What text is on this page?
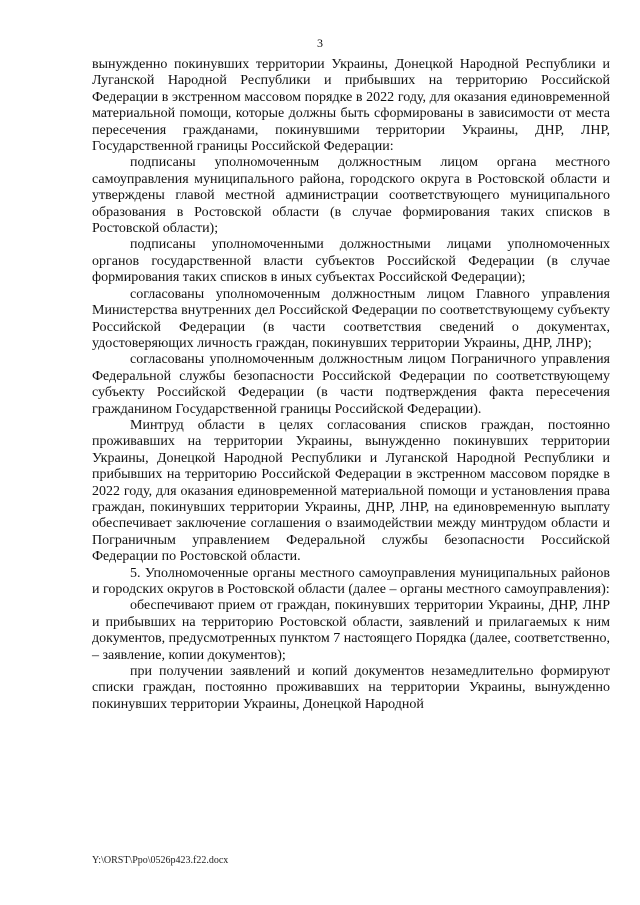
3

вынужденно покинувших территории Украины, Донецкой Народной Республики и Луганской Народной Республики и прибывших на территорию Российской Федерации в экстренном массовом порядке в 2022 году, для оказания единовременной материальной помощи, которые должны быть сформированы в зависимости от места пересечения гражданами, покинувшими территории Украины, ДНР, ЛНР, Государственной границы Российской Федерации:

подписаны уполномоченным должностным лицом органа местного самоуправления муниципального района, городского округа в Ростовской области и утверждены главой местной администрации соответствующего муниципального образования в Ростовской области (в случае формирования таких списков в Ростовской области);

подписаны уполномоченными должностными лицами уполномоченных органов государственной власти субъектов Российской Федерации (в случае формирования таких списков в иных субъектах Российской Федерации);

согласованы уполномоченным должностным лицом Главного управления Министерства внутренних дел Российской Федерации по соответствующему субъекту Российской Федерации (в части соответствия сведений о документах, удостоверяющих личность граждан, покинувших территории Украины, ДНР, ЛНР);

согласованы уполномоченным должностным лицом Пограничного управления Федеральной службы безопасности Российской Федерации по соответствующему субъекту Российской Федерации (в части подтверждения факта пересечения гражданином Государственной границы Российской Федерации).

Минтруд области в целях согласования списков граждан, постоянно проживавших на территории Украины, вынужденно покинувших территории Украины, Донецкой Народной Республики и Луганской Народной Республики и прибывших на территорию Российской Федерации в экстренном массовом порядке в 2022 году, для оказания единовременной материальной помощи и установления права граждан, покинувших территории Украины, ДНР, ЛНР, на единовременную выплату обеспечивает заключение соглашения о взаимодействии между минтрудом области и Пограничным управлением Федеральной службы безопасности Российской Федерации по Ростовской области.

5. Уполномоченные органы местного самоуправления муниципальных районов и городских округов в Ростовской области (далее – органы местного самоуправления):

обеспечивают прием от граждан, покинувших территории Украины, ДНР, ЛНР и прибывших на территорию Ростовской области, заявлений и прилагаемых к ним документов, предусмотренных пунктом 7 настоящего Порядка (далее, соответственно, – заявление, копии документов);

при получении заявлений и копий документов незамедлительно формируют списки граждан, постоянно проживавших на территории Украины, вынужденно покинувших территории Украины, Донецкой Народной

Y:\ORST\Ppo\0526p423.f22.docx
